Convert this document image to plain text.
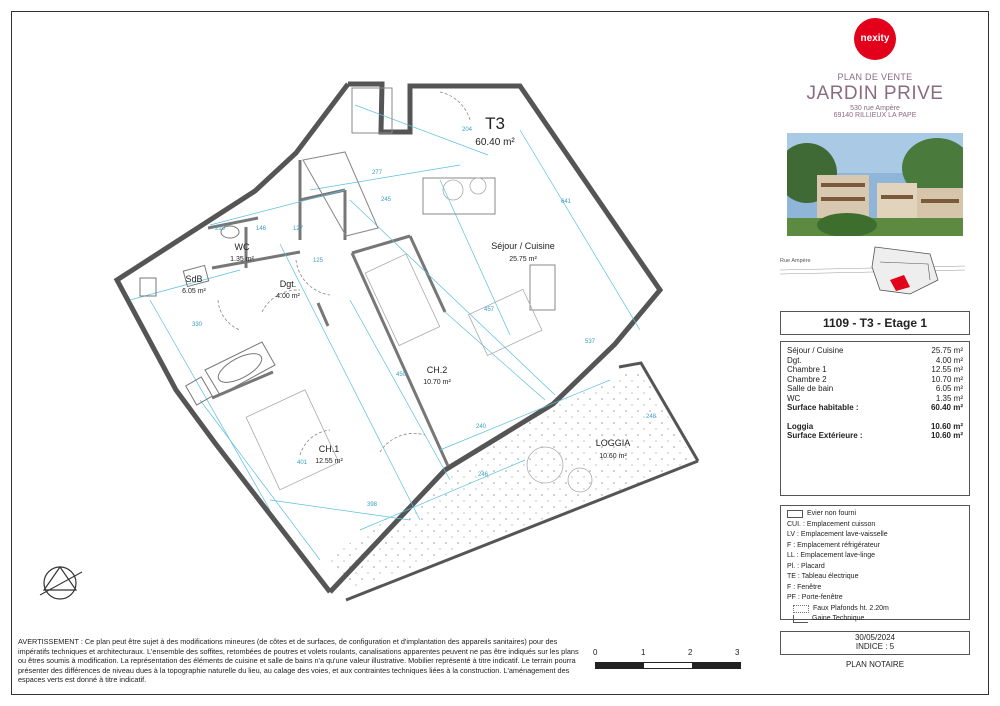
204
277
245	641
537
457
450
240
398
401
246
248
330
125
127
210	146
T3
60.40 m²
Séjour / Cuisine
25.75 m²
WC
1.35 m²
SdB
6.05 m²
Dgt.
4.00 m²
CH.2
10.70 m²
CH.1
12.55 m²
LOGGIA
10.60 m²
nexity
PLAN DE VENTE
JARDIN PRIVE
530 rue Ampère
69140 RILLIEUX LA PAPE
Rue Ampère
1109 - T3 - Etage 1
Séjour / Cuisine	25.75 m²
Dgt.	4.00 m²
Chambre 1	12.55 m²
Chambre 2	10.70 m²
Salle de bain	6.05 m²
WC	1.35 m²
Surface habitable :	60.40 m²
Loggia	10.60 m²
Surface Extérieure :	10.60 m²
Evier non fourni
CUI. : Emplacement cuisson
LV : Emplacement lave-vaisselle
F : Emplacement réfrigérateur
LL : Emplacement lave-linge
Pl. : Placard
TE : Tableau électrique
F : Fenêtre
PF : Porte-fenêtre
Faux Plafonds ht. 2.20m
Gaine Technique
30/05/2024
INDICE : 5
PLAN NOTAIRE
AVERTISSEMENT : Ce plan peut être sujet à des modifications mineures (de côtes et de surfaces, de configuration et d'implantation des appareils sanitaires) pour des impératifs techniques et architecturaux. L'ensemble des soffites, retombées de poutres et volets roulants, canalisations apparentes peuvent ne pas être indiqués sur les plans ou êtres soumis à modification. La représentation des éléments de cuisine et salle de bains n'a qu'une valeur illustrative. Mobilier représenté à titre indicatif. Le terrain pourra présenter des différences de niveau dues à la topographie naturelle du lieu, au calage des voies, et aux contraintes techniques liées à la construction. L'aménagement des espaces verts est donné à titre indicatif.
0	1	2	3
